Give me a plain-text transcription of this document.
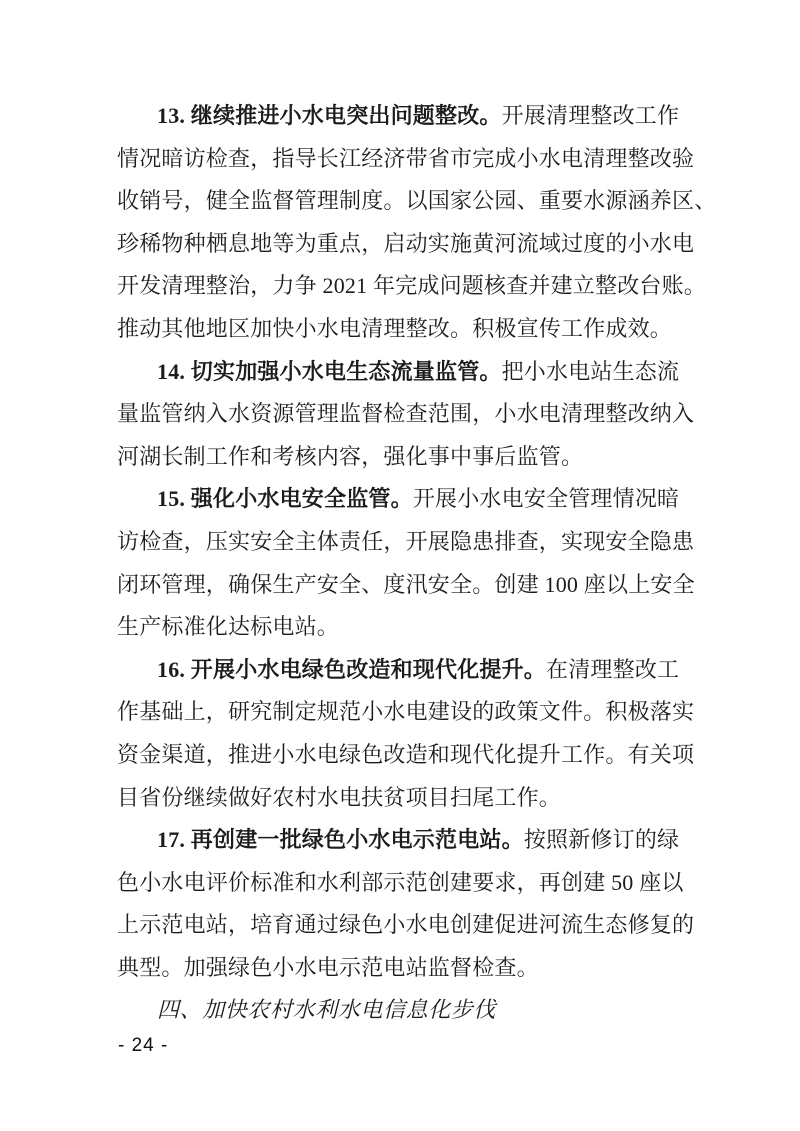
13. 继续推进小水电突出问题整改。开展清理整改工作
情况暗访检查，指导长江经济带省市完成小水电清理整改验
收销号，健全监督管理制度。以国家公园、重要水源涵养区、
珍稀物种栖息地等为重点，启动实施黄河流域过度的小水电
开发清理整治，力争 2021 年完成问题核查并建立整改台账。
推动其他地区加快小水电清理整改。积极宣传工作成效。
14. 切实加强小水电生态流量监管。把小水电站生态流
量监管纳入水资源管理监督检查范围，小水电清理整改纳入
河湖长制工作和考核内容，强化事中事后监管。
15. 强化小水电安全监管。开展小水电安全管理情况暗
访检查，压实安全主体责任，开展隐患排查，实现安全隐患
闭环管理，确保生产安全、度汛安全。创建 100 座以上安全
生产标准化达标电站。
16. 开展小水电绿色改造和现代化提升。在清理整改工
作基础上，研究制定规范小水电建设的政策文件。积极落实
资金渠道，推进小水电绿色改造和现代化提升工作。有关项
目省份继续做好农村水电扶贫项目扫尾工作。
17. 再创建一批绿色小水电示范电站。按照新修订的绿
色小水电评价标准和水利部示范创建要求，再创建 50 座以
上示范电站，培育通过绿色小水电创建促进河流生态修复的
典型。加强绿色小水电示范电站监督检查。
四、加快农村水利水电信息化步伐
- 24 -
